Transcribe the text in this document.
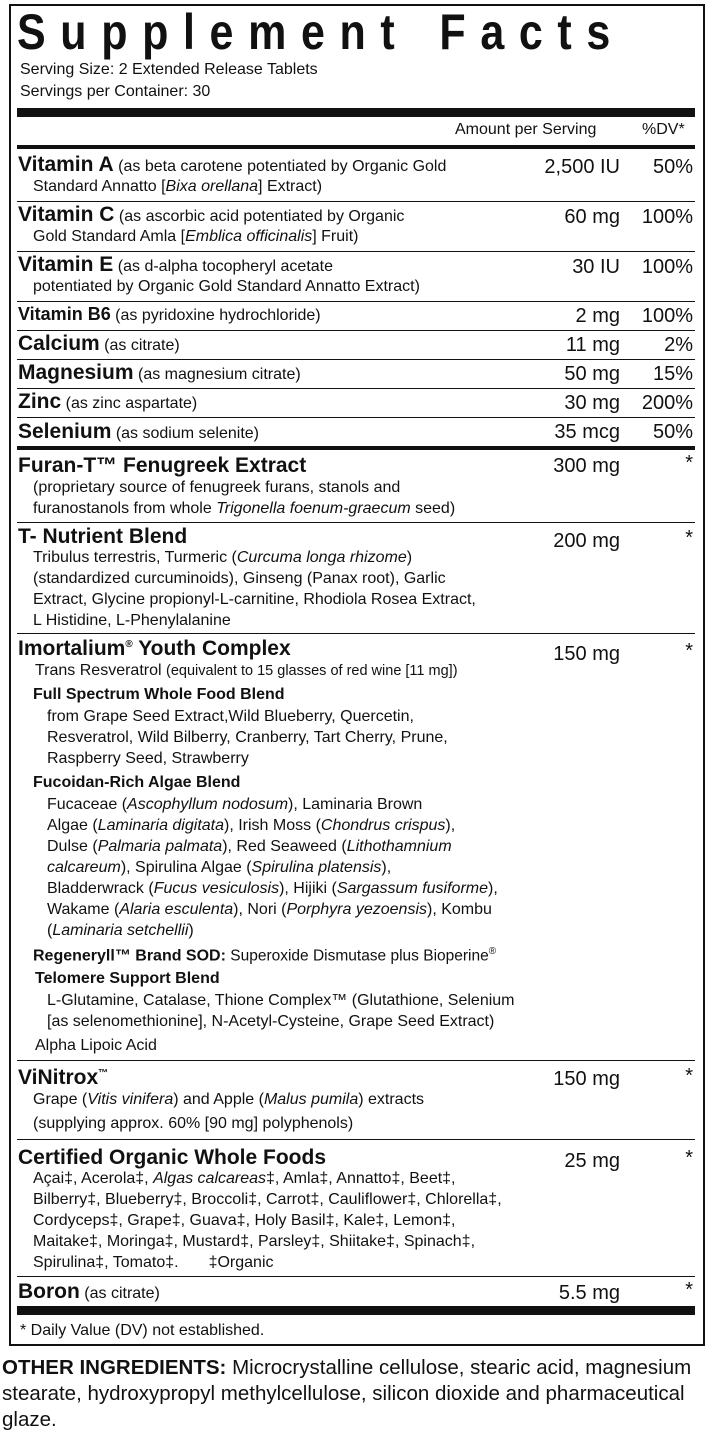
S u p p l e m e n t F a c t s
Serving Size: 2 Extended Release Tablets
Servings per Container: 30
Amount per Serving	%DV*
Vitamin A (as beta carotene potentiated by Organic Gold
Standard Annatto [Bixa orellana] Extract)
2,500 IU 50%
Vitamin C (as ascorbic acid potentiated by Organic
Gold Standard Amla [Emblica officinalis] Fruit)
60 mg 100%
Vitamin E (as d-alpha tocopheryl acetate
potentiated by Organic Gold Standard Annatto Extract)
30 IU 100%
Vitamin B6 (as pyridoxine hydrochloride)	2 mg 100%
Calcium (as citrate)	11 mg 2%
Magnesium (as magnesium citrate)	50 mg 15%
Zinc (as zinc aspartate)	30 mg 200%
Selenium (as sodium selenite)	35 mcg 50%
Furan-T™ Fenugreek Extract	300 mg	*
(proprietary source of fenugreek furans, stanols and
furanostanols from whole Trigonella foenum-graecum seed)
T- Nutrient Blend	200 mg	*
Tribulus terrestris, Turmeric (Curcuma longa rhizome)
(standardized curcuminoids), Ginseng (Panax root), Garlic
Extract, Glycine propionyl-L-carnitine, Rhodiola Rosea Extract,
L Histidine, L-Phenylalanine
Imortalium® Youth Complex	150 mg	*
Trans Resveratrol (equivalent to 15 glasses of red wine [11 mg])
Full Spectrum Whole Food Blend
from Grape Seed Extract,Wild Blueberry, Quercetin,
Resveratrol, Wild Bilberry, Cranberry, Tart Cherry, Prune,
Raspberry Seed, Strawberry
Fucoidan-Rich Algae Blend
Fucaceae (Ascophyllum nodosum), Laminaria Brown
Algae (Laminaria digitata), Irish Moss (Chondrus crispus),
Dulse (Palmaria palmata), Red Seaweed (Lithothamnium
calcareum), Spirulina Algae (Spirulina platensis),
Bladderwrack (Fucus vesiculosis), Hijiki (Sargassum fusiforme),
Wakame (Alaria esculenta), Nori (Porphyra yezoensis), Kombu
(Laminaria setchellii)
Regeneryll™ Brand SOD: Superoxide Dismutase plus Bioperine®
Telomere Support Blend
L-Glutamine, Catalase, Thione Complex™ (Glutathione, Selenium
[as selenomethionine], N-Acetyl-Cysteine, Grape Seed Extract)
Alpha Lipoic Acid
ViNitrox™	150 mg	*
Grape (Vitis vinifera) and Apple (Malus pumila) extracts
(supplying approx. 60% [90 mg] polyphenols)
Certified Organic Whole Foods	25 mg	*
Açai‡, Acerola‡, Algas calcareas‡, Amla‡, Annatto‡, Beet‡,
Bilberry‡, Blueberry‡, Broccoli‡, Carrot‡, Cauliflower‡, Chlorella‡,
Cordyceps‡, Grape‡, Guava‡, Holy Basil‡, Kale‡, Lemon‡,
Maitake‡, Moringa‡, Mustard‡, Parsley‡, Shiitake‡, Spinach‡,
Spirulina‡, Tomato‡. ‡Organic
Boron (as citrate)	5.5 mg	*
* Daily Value (DV) not established.
OTHER INGREDIENTS: Microcrystalline cellulose, stearic acid, magnesium stearate, hydroxypropyl methylcellulose, silicon dioxide and pharmaceutical glaze.
